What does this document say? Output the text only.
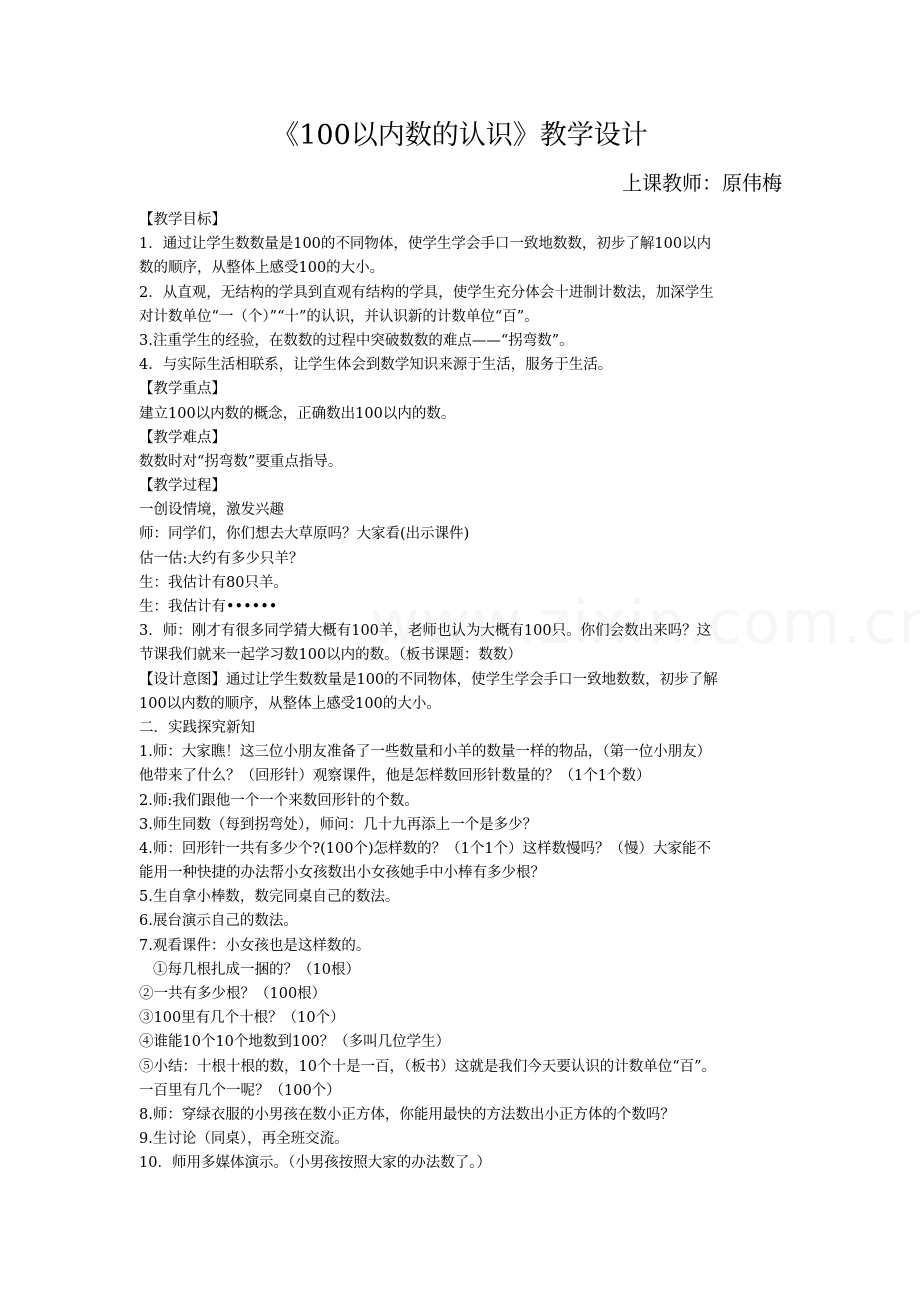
《100以内数的认识》教学设计
上课教师：原伟梅
【教学目标】
1．通过让学生数数量是100的不同物体，使学生学会手口一致地数数，初步了解100以内
数的顺序，从整体上感受100的大小。
2．从直观，无结构的学具到直观有结构的学具，使学生充分体会十进制计数法，加深学生
对计数单位“一（个）”“十”的认识，并认识新的计数单位“百”。
3.注重学生的经验，在数数的过程中突破数数的难点——“拐弯数”。
4．与实际生活相联系，让学生体会到数学知识来源于生活，服务于生活。
【教学重点】
建立100以内数的概念，正确数出100以内的数。
【教学难点】
数数时对“拐弯数”要重点指导。
【教学过程】
一创设情境，激发兴趣
师：同学们，你们想去大草原吗？大家看(出示课件)
估一估:大约有多少只羊？
生：我估计有80只羊。
生：我估计有••••••
3．师：刚才有很多同学猜大概有100羊，老师也认为大概有100只。你们会数出来吗？这
节课我们就来一起学习数100以内的数。（板书课题：数数）
【设计意图】通过让学生数数量是100的不同物体，使学生学会手口一致地数数，初步了解
100以内数的顺序，从整体上感受100的大小。
二．实践探究新知
1.师：大家瞧！这三位小朋友准备了一些数量和小羊的数量一样的物品，（第一位小朋友）
他带来了什么？（回形针）观察课件，他是怎样数回形针数量的？（1个1个数）
2.师:我们跟他一个一个来数回形针的个数。
3.师生同数（每到拐弯处），师问：几十九再添上一个是多少？
4.师：回形针一共有多少个?(100个)怎样数的？（1个1个）这样数慢吗？（慢）大家能不
能用一种快捷的办法帮小女孩数出小女孩她手中小棒有多少根？
5.生自拿小棒数，数完同桌自己的数法。
6.展台演示自己的数法。
7.观看课件：小女孩也是这样数的。
①每几根扎成一捆的？（10根）
②一共有多少根？（100根）
③100里有几个十根？（10个）
④谁能10个10个地数到100？（多叫几位学生）
⑤小结：十根十根的数，10个十是一百，（板书）这就是我们今天要认识的计数单位“百”。
一百里有几个一呢？（100个）
8.师：穿绿衣服的小男孩在数小正方体，你能用最快的方法数出小正方体的个数吗？
9.生讨论（同桌），再全班交流。
10．师用多媒体演示。（小男孩按照大家的办法数了。）
